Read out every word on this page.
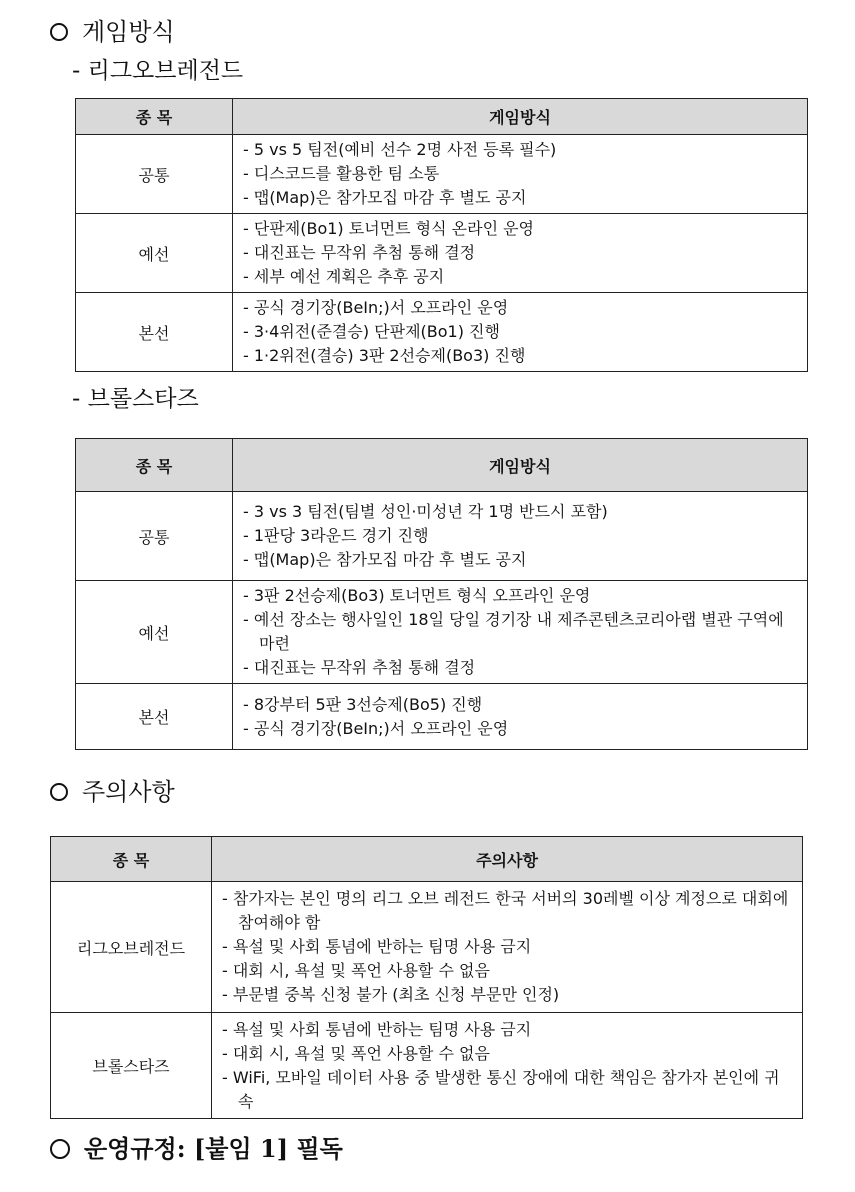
게임방식
- 리그오브레전드
종 목	게임방식
공통	- 5 vs 5 팀전(예비 선수 2명 사전 등록 필수)
- 디스코드를 활용한 팀 소통
- 맵(Map)은 참가모집 마감 후 별도 공지

예선	- 단판제(Bo1) 토너먼트 형식 온라인 운영
- 대진표는 무작위 추첨 통해 결정
- 세부 예선 계획은 추후 공지

본선	- 공식 경기장(BeIn;)서 오프라인 운영
- 3·4위전(준결승) 단판제(Bo1) 진행
- 1·2위전(결승) 3판 2선승제(Bo3) 진행
- 브롤스타즈
종 목	게임방식
공통	- 3 vs 3 팀전(팀별 성인·미성년 각 1명 반드시 포함)
- 1판당 3라운드 경기 진행
- 맵(Map)은 참가모집 마감 후 별도 공지

예선	- 3판 2선승제(Bo3) 토너먼트 형식 오프라인 운영
- 예선 장소는 행사일인 18일 당일 경기장 내 제주콘텐츠코리아랩 별관 구역에 마련
- 대진표는 무작위 추첨 통해 결정

본선	- 8강부터 5판 3선승제(Bo5) 진행
- 공식 경기장(BeIn;)서 오프라인 운영
주의사항
종 목	주의사항
리그오브레전드	- 참가자는 본인 명의 리그 오브 레전드 한국 서버의 30레벨 이상 계정으로 대회에 참여해야 함
- 욕설 및 사회 통념에 반하는 팀명 사용 금지
- 대회 시, 욕설 및 폭언 사용할 수 없음
- 부문별 중복 신청 불가 (최초 신청 부문만 인정)

브롤스타즈	- 욕설 및 사회 통념에 반하는 팀명 사용 금지
- 대회 시, 욕설 및 폭언 사용할 수 없음
- WiFi, 모바일 데이터 사용 중 발생한 통신 장애에 대한 책임은 참가자 본인에 귀속
운영규정: [붙임 1] 필독
